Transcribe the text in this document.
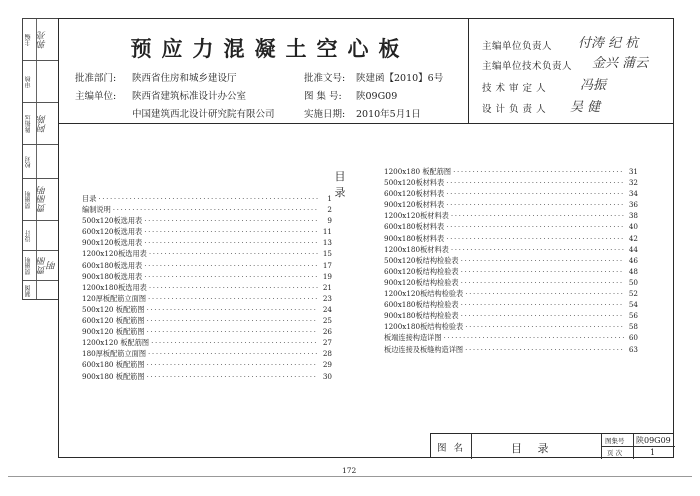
主编 郭亮
审核
陈振远 阿陈
校对
贾丽明 贾丽明
设计
贾丽明 贾丽明
制图
预应力混凝土空心板
批准部门: 陕西省住房和城乡建设厅
主编单位: 陕西省建筑标准设计办公室
中国建筑西北设计研究院有限公司
批准文号: 陕建函【2010】6号
图 集 号: 陕09G09
实施日期: 2010年5月1日
主编单位负责人 付涛 纪 杭
主编单位技术负责人 金兴 蒲云
技 术 审 定 人	冯振
设 计 负 责 人 吴 健
目 录
目录 ·····	1
编制说明 ·····	2
500x120板选用表 ·····	9
600x120板选用表 ·····	11
900x120板选用表 ·····	13
1200x120板选用表 ·····	15
600x180板选用表 ·····	17
900x180板选用表 ·····	19
1200x180板选用表 ·····	21
120厚板配筋立面图 ·····	23
500x120 板配筋图 ·····	24
600x120 板配筋图 ·····	25
900x120 板配筋图 ·····	26
1200x120 板配筋图 ·····	27
180厚板配筋立面图 ·····	28
600x180 板配筋图 ·····	29
900x180 板配筋图 ·····	30
1200x180 板配筋图 ·····	31
500x120板材料表 ·····	32
600x120板材料表 ·····	34
900x120板材料表 ·····	36
1200x120板材料表 ·····	38
600x180板材料表 ·····	40
900x180板材料表 ·····	42
1200x180板材料表 ·····	44
500x120板结构检验表 ·····	46
600x120板结构检验表 ·····	48
900x120板结构检验表 ·····	50
1200x120板结构检验表 ·····	52
600x180板结构检验表 ·····	54
900x180板结构检验表 ·····	56
1200x180板结构检验表 ·····	58
板端连接构造详图 ·····	60
板边连接及板缝构造详图 ·····	63
图 名	目 录
图集号 陕09G09
页 次	1
172
